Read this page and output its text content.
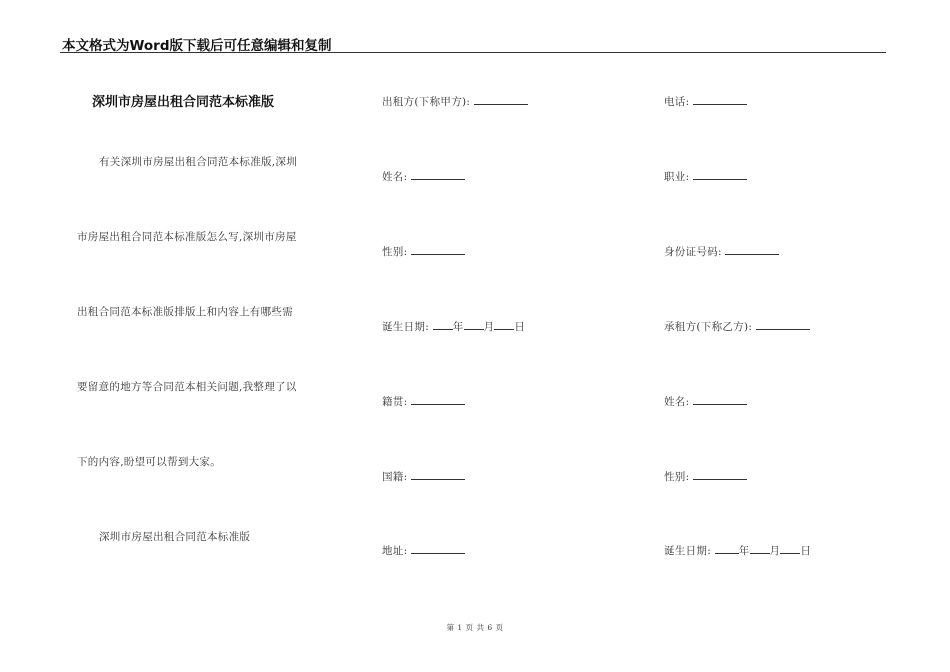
本文格式为Word版下载后可任意编辑和复制
深圳市房屋出租合同范本标准版
有关深圳市房屋出租合同范本标准版,深圳
市房屋出租合同范本标准版怎么写,深圳市房屋
出租合同范本标准版排版上和内容上有哪些需
要留意的地方等合同范本相关问题,我整理了以
下的内容,盼望可以帮到大家。
深圳市房屋出租合同范本标准版
出租方(下称甲方):
姓名:
性别:
诞生日期: 年 月 日
籍贯:
国籍:
地址:
电话:
职业:
身份证号码:
承租方(下称乙方):
姓名:
性别:
诞生日期:	年 月 日
第 1 页 共 6 页
